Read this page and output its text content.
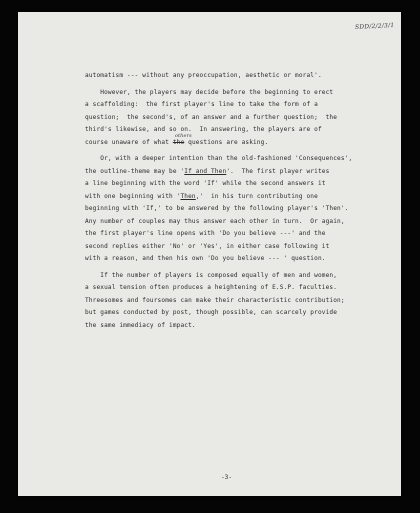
SDD/2/2/3/1
automatism --- without any preoccupation, aesthetic or moral'.
However, the players may decide before the beginning to erect
a scaffolding:  the first player's line to take the form of a
question;  the second's, of an answer and a further question;  the
third's likewise, and so on.  In answering, the players are of
course unaware of what
others
the questions are asking.
Or, with a deeper intention than the old-fashioned 'Consequences',
the outline-theme may be 'If and Then'.  The first player writes
a line beginning with the word 'If' while the second answers it
with one beginning with 'Then,'  in his turn contributing one
beginning with 'If,' to be answered by the following player's 'Then'.
Any number of couples may thus answer each other in turn.  Or again,
the first player's line opens with 'Do you believe ---' and the
second replies either 'No' or 'Yes', in either case following it
with a reason, and then his own 'Do you believe --- ' question.
If the number of players is composed equally of men and women,
a sexual tension often produces a heightening of E.S.P. faculties.
Threesomes and foursomes can make their characteristic contribution;
but games conducted by post, though possible, can scarcely provide
the same immediacy of impact.
-3-
